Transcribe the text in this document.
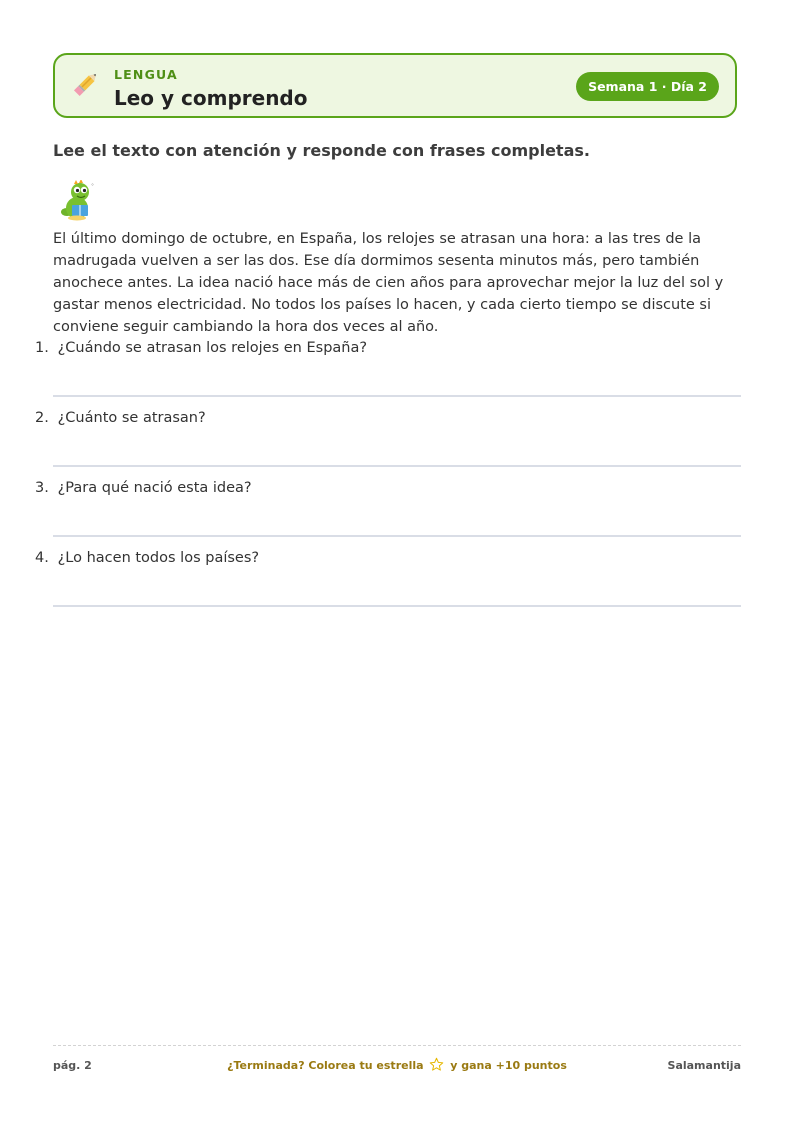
LENGUA
Leo y comprendo	Semana 1 · Día 2
Lee el texto con atención y responde con frases completas.
°

El último domingo de octubre, en España, los relojes se atrasan una hora: a las tres de la madrugada vuelven a ser las dos. Ese día dormimos sesenta minutos más, pero también anochece antes. La idea nació hace más de cien años para aprovechar mejor la luz del sol y gastar menos electricidad. No todos los países lo hacen, y cada cierto tiempo se discute si conviene seguir cambiando la hora dos veces al año.

1. ¿Cuándo se atrasan los relojes en España?
2. ¿Cuánto se atrasan?
3. ¿Para qué nació esta idea?
4. ¿Lo hacen todos los países?
pág. 2	¿Terminada? Colorea tu estrella y gana +10 puntos	Salamantija
